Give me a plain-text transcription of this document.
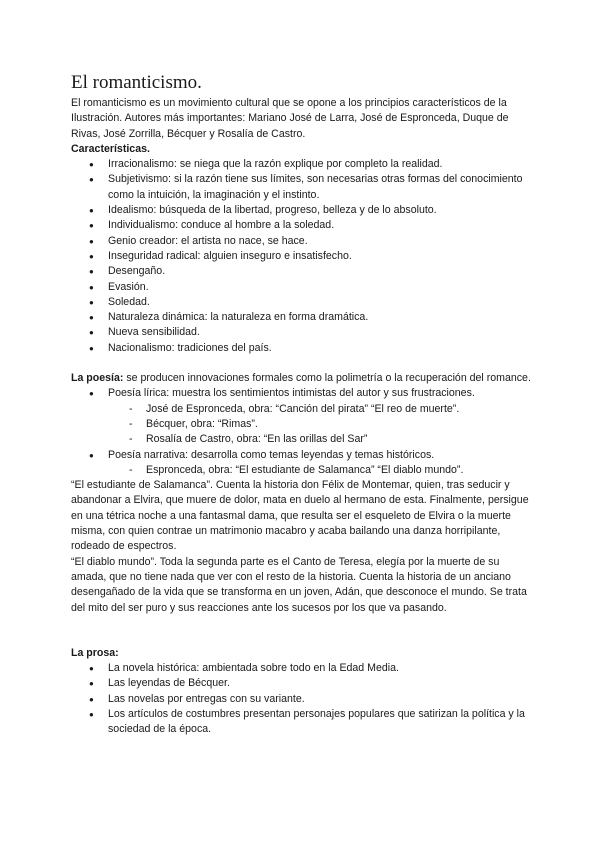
El romanticismo.

El romanticismo es un movimiento cultural que se opone a los principios característicos de la Ilustración. Autores más importantes: Mariano José de Larra, José de Espronceda, Duque de Rivas, José Zorrilla, Bécquer y Rosalía de Castro.

Características.

● Irracionalismo: se niega que la razón explique por completo la realidad.
● Subjetivismo: si la razón tiene sus límites, son necesarias otras formas del conocimiento como la intuición, la imaginación y el instinto.
● Idealismo: búsqueda de la libertad, progreso, belleza y de lo absoluto.
● Individualismo: conduce al hombre a la soledad.
● Genio creador: el artista no nace, se hace.
● Inseguridad radical: alguien inseguro e insatisfecho.
● Desengaño.
● Evasión.
● Soledad.
● Naturaleza dinámica: la naturaleza en forma dramática.
● Nueva sensibilidad.
● Nacionalismo: tradiciones del país.

La poesía: se producen innovaciones formales como la polimetría o la recuperación del romance.

● Poesía lírica: muestra los sentimientos intimistas del autor y sus frustraciones.
- José de Espronceda, obra: “Canción del pirata” “El reo de muerte”.
- Bécquer, obra: “Rimas”.
- Rosalía de Castro, obra: “En las orillas del Sar”
● Poesía narrativa: desarrolla como temas leyendas y temas históricos.
- Espronceda, obra: “El estudiante de Salamanca” “El diablo mundo”.

“El estudiante de Salamanca”. Cuenta la historia don Félix de Montemar, quien, tras seducir y abandonar a Elvira, que muere de dolor, mata en duelo al hermano de esta. Finalmente, persigue en una tétrica noche a una fantasmal dama, que resulta ser el esqueleto de Elvira o la muerte misma, con quien contrae un matrimonio macabro y acaba bailando una danza horripilante, rodeado de espectros.

“El diablo mundo”. Toda la segunda parte es el Canto de Teresa, elegía por la muerte de su amada, que no tiene nada que ver con el resto de la historia. Cuenta la historia de un anciano desengañado de la vida que se transforma en un joven, Adán, que desconoce el mundo. Se trata del mito del ser puro y sus reacciones ante los sucesos por los que va pasando.

La prosa:

● La novela histórica: ambientada sobre todo en la Edad Media.
● Las leyendas de Bécquer.
● Las novelas por entregas con su variante.
● Los artículos de costumbres presentan personajes populares que satirizan la política y la sociedad de la época.
